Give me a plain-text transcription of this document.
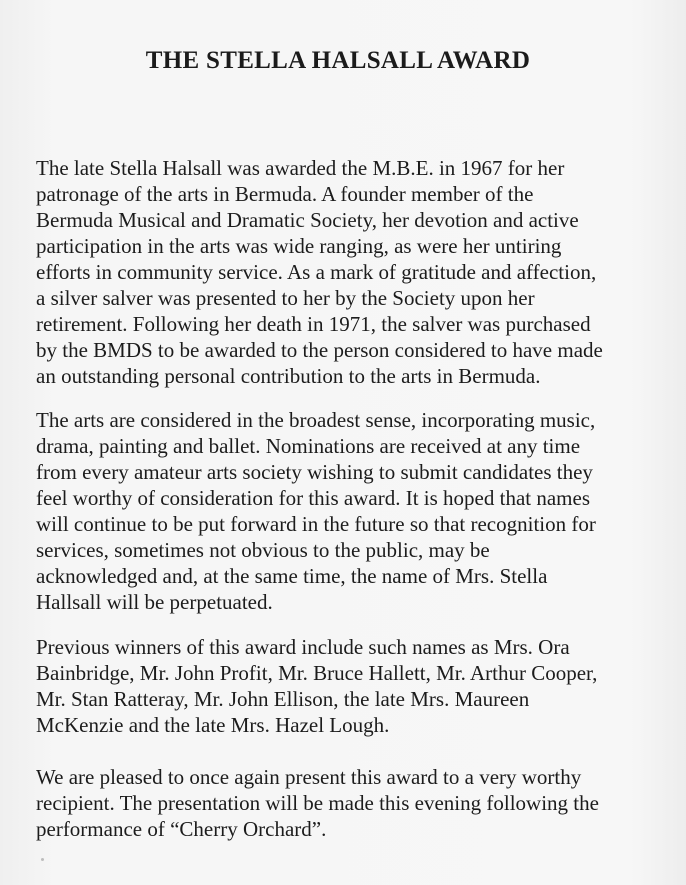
THE STELLA HALSALL AWARD

The late Stella Halsall was awarded the M.B.E. in 1967 for her
patronage of the arts in Bermuda. A founder member of the
Bermuda Musical and Dramatic Society, her devotion and active
participation in the arts was wide ranging, as were her untiring
efforts in community service. As a mark of gratitude and affection,
a silver salver was presented to her by the Society upon her
retirement. Following her death in 1971, the salver was purchased
by the BMDS to be awarded to the person considered to have made
an outstanding personal contribution to the arts in Bermuda.

The arts are considered in the broadest sense, incorporating music,
drama, painting and ballet. Nominations are received at any time
from every amateur arts society wishing to submit candidates they
feel worthy of consideration for this award. It is hoped that names
will continue to be put forward in the future so that recognition for
services, sometimes not obvious to the public, may be
acknowledged and, at the same time, the name of Mrs. Stella
Hallsall will be perpetuated.

Previous winners of this award include such names as Mrs. Ora
Bainbridge, Mr. John Profit, Mr. Bruce Hallett, Mr. Arthur Cooper,
Mr. Stan Ratteray, Mr. John Ellison, the late Mrs. Maureen
McKenzie and the late Mrs. Hazel Lough.

We are pleased to once again present this award to a very worthy
recipient. The presentation will be made this evening following the
performance of “Cherry Orchard”.
